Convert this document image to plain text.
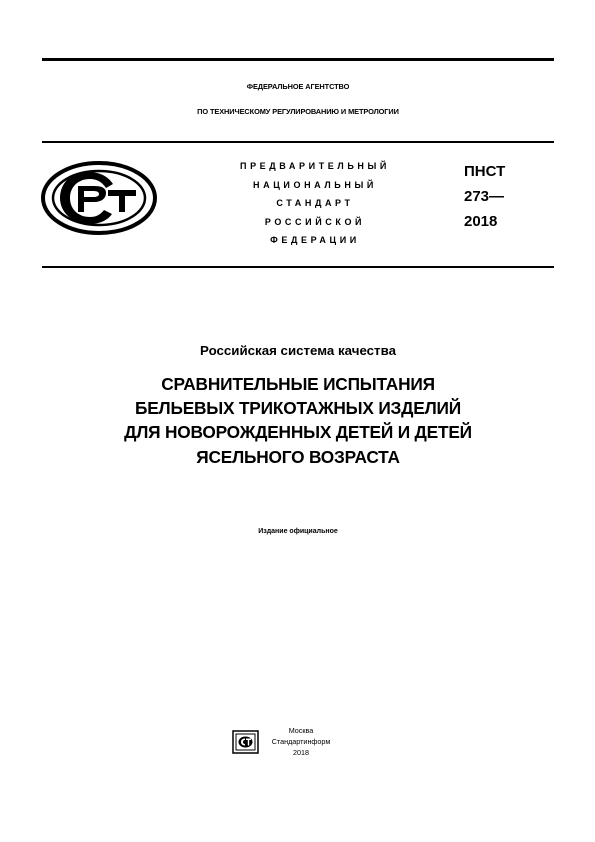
ФЕДЕРАЛЬНОЕ АГЕНТСТВО
ПО ТЕХНИЧЕСКОМУ РЕГУЛИРОВАНИЮ И МЕТРОЛОГИИ
ПРЕДВАРИТЕЛЬНЫЙ
НАЦИОНАЛЬНЫЙ
СТАНДАРТ
РОССИЙСКОЙ
ФЕДЕРАЦИИ
ПНСТ
273—
2018
Российская система качества
СРАВНИТЕЛЬНЫЕ ИСПЫТАНИЯ
БЕЛЬЕВЫХ ТРИКОТАЖНЫХ ИЗДЕЛИЙ
ДЛЯ НОВОРОЖДЕННЫХ ДЕТЕЙ И ДЕТЕЙ
ЯСЕЛЬНОГО ВОЗРАСТА
Издание официальное
Москва
Стандартинформ
2018
